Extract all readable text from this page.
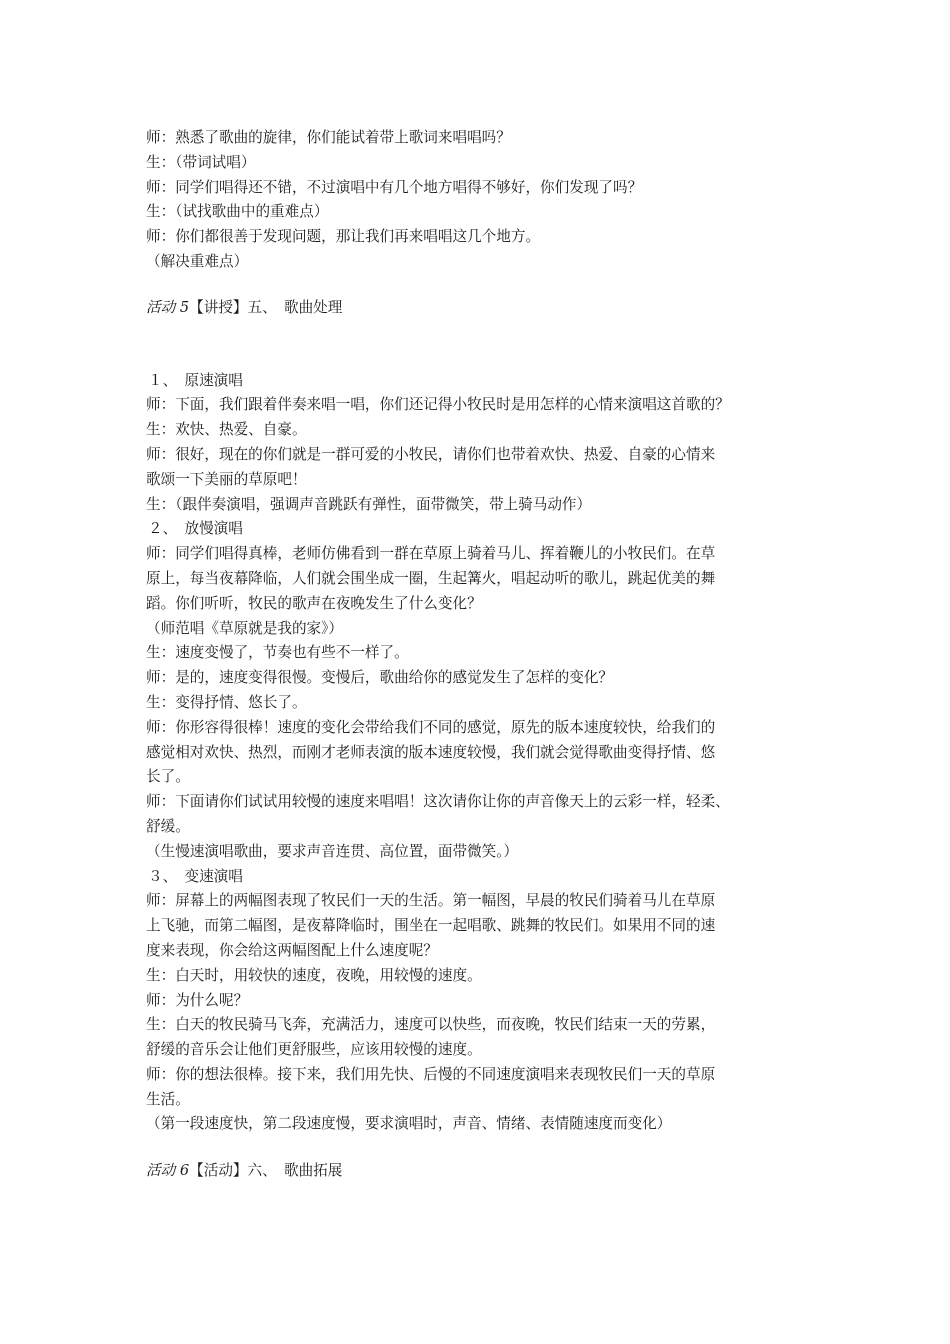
师：熟悉了歌曲的旋律，你们能试着带上歌词来唱唱吗？
生：（带词试唱）
师：同学们唱得还不错，不过演唱中有几个地方唱得不够好，你们发现了吗？
生：（试找歌曲中的重难点）
师：你们都很善于发现问题，那让我们再来唱唱这几个地方。
（解决重难点）
活动 5【讲授】五、　歌曲处理
１、　原速演唱
师：下面，我们跟着伴奏来唱一唱，你们还记得小牧民时是用怎样的心情来演唱这首歌的？
生：欢快、热爱、自豪。
师：很好，现在的你们就是一群可爱的小牧民，请你们也带着欢快、热爱、自豪的心情来
歌颂一下美丽的草原吧！
生：（跟伴奏演唱，强调声音跳跃有弹性，面带微笑，带上骑马动作）
２、　放慢演唱
师：同学们唱得真棒，老师仿佛看到一群在草原上骑着马儿、挥着鞭儿的小牧民们。在草
原上，每当夜幕降临，人们就会围坐成一圈，生起篝火，唱起动听的歌儿，跳起优美的舞
蹈。你们听听，牧民的歌声在夜晚发生了什么变化？
（师范唱《草原就是我的家》）
生：速度变慢了，节奏也有些不一样了。
师：是的，速度变得很慢。变慢后，歌曲给你的感觉发生了怎样的变化？
生：变得抒情、悠长了。
师：你形容得很棒！速度的变化会带给我们不同的感觉，原先的版本速度较快，给我们的
感觉相对欢快、热烈，而刚才老师表演的版本速度较慢，我们就会觉得歌曲变得抒情、悠
长了。
师：下面请你们试试用较慢的速度来唱唱！这次请你让你的声音像天上的云彩一样，轻柔、
舒缓。
（生慢速演唱歌曲，要求声音连贯、高位置，面带微笑。）
３、　变速演唱
师：屏幕上的两幅图表现了牧民们一天的生活。第一幅图，早晨的牧民们骑着马儿在草原
上飞驰，而第二幅图，是夜幕降临时，围坐在一起唱歌、跳舞的牧民们。如果用不同的速
度来表现，你会给这两幅图配上什么速度呢？
生：白天时，用较快的速度，夜晚，用较慢的速度。
师：为什么呢？
生：白天的牧民骑马飞奔，充满活力，速度可以快些，而夜晚，牧民们结束一天的劳累，
舒缓的音乐会让他们更舒服些，应该用较慢的速度。
师：你的想法很棒。接下来，我们用先快、后慢的不同速度演唱来表现牧民们一天的草原
生活。
（第一段速度快，第二段速度慢，要求演唱时，声音、情绪、表情随速度而变化）
活动 6【活动】六、　歌曲拓展
